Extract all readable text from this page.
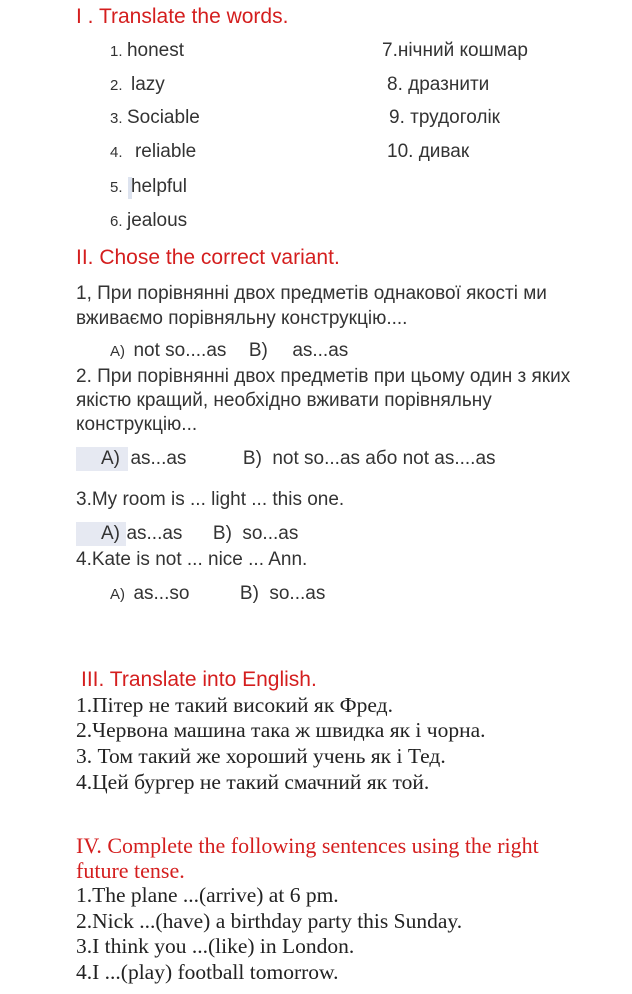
I . Translate the words.
1. honest
2. lazy
3. Sociable
4. reliable
5. helpful
6. jealous
7.нічний кошмар
8. дразнити
9. трудоголік
10. дивак
II. Chose the correct variant.
1, При порівнянні двох предметів однакової якості ми
вживаємо порівняльну конструкцію....
A) not so....as B) as...as
2. При порівнянні двох предметів при цьому один з яких
якістю кращий, необхідно вживати порівняльну
конструкцію...
A) as...as	B) not so...as або not as....as
3.My room is ... light ... this one.
A) as...as B) so...as
4.Kate is not ... nice ... Ann.
A) as...so	B) so...as
III. Translate into English.
1.Пітер не такий високий як Фред.
2.Червона машина така ж швидка як і чорна.
3. Том такий же хороший учень як і Тед.
4.Цей бургер не такий смачний як той.
IV. Complete the following sentences using the right
future tense.
1.The plane ...(arrive) at 6 pm.
2.Nick ...(have) a birthday party this Sunday.
3.I think you ...(like) in London.
4.I ...(play) football tomorrow.
